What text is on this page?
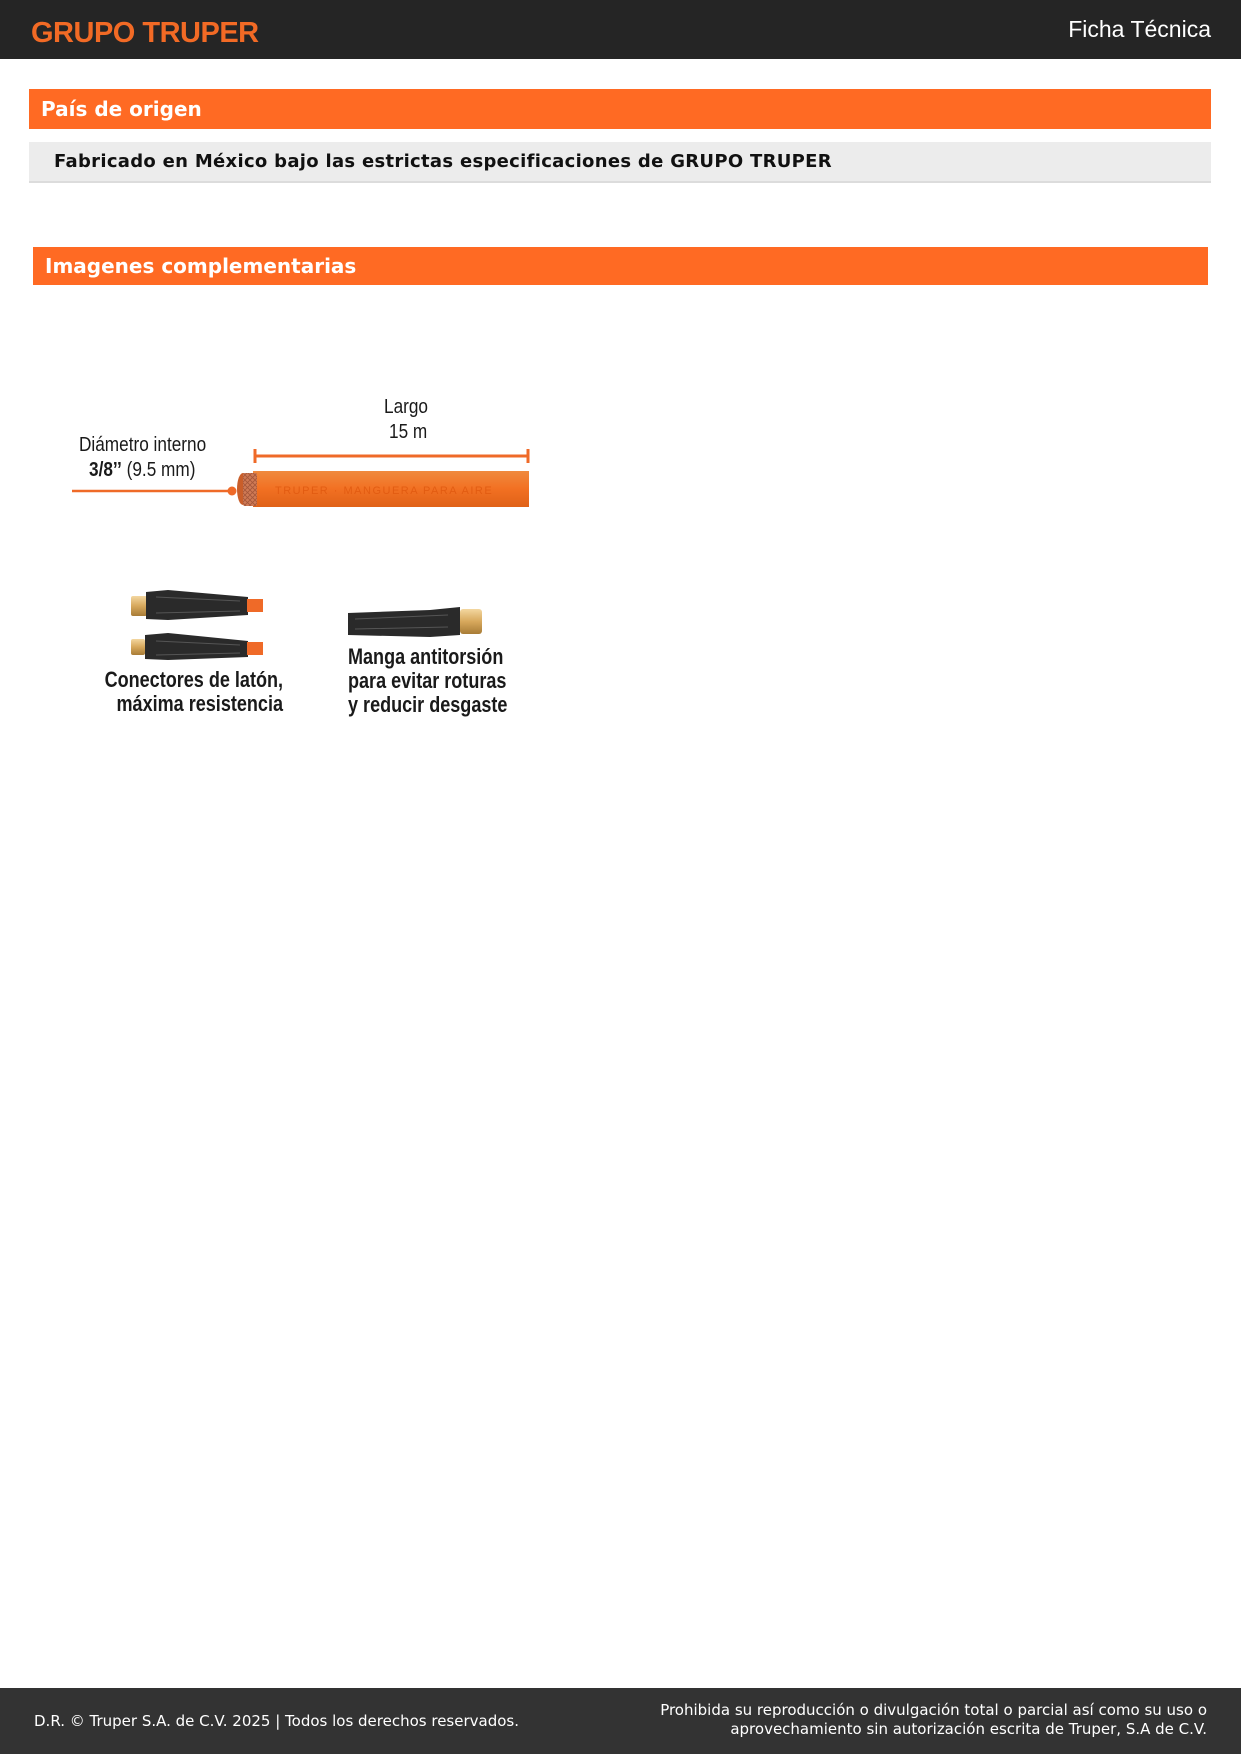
GRUPO TRUPER	Ficha Técnica
País de origen
Fabricado en México bajo las estrictas especificaciones de GRUPO TRUPER
Imagenes complementarias
Largo
15 m
Diámetro interno
3/8’’ (9.5 mm)
TRUPER · MANGUERA PARA AIRE
Conectores de latón,
máxima resistencia
Manga antitorsión
para evitar roturas
y reducir desgaste
D.R. © Truper S.A. de C.V. 2025 | Todos los derechos reservados.
Prohibida su reproducción o divulgación total o parcial así como su uso o
aprovechamiento sin autorización escrita de Truper, S.A de C.V.
